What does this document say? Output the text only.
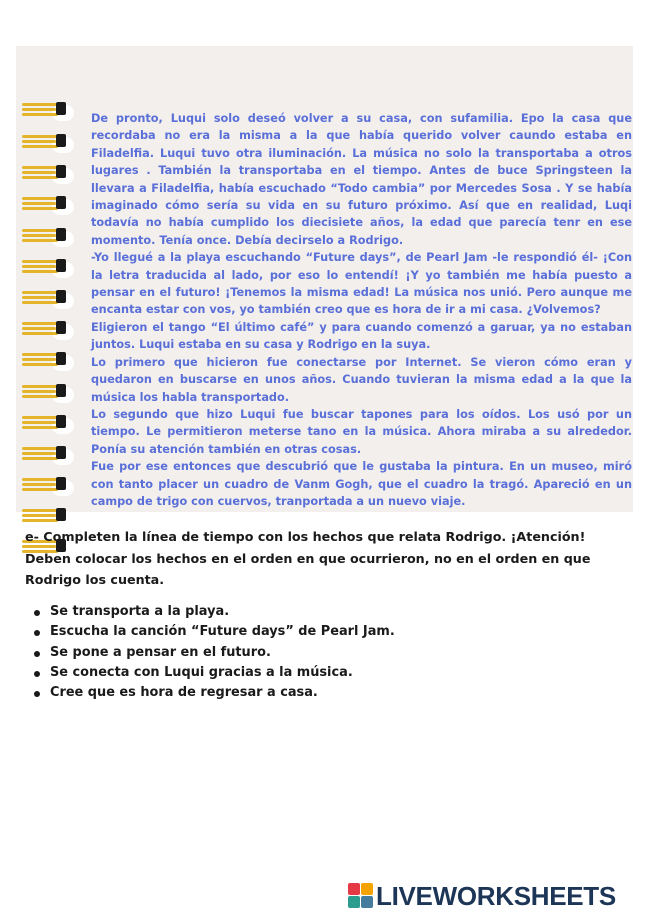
De pronto, Luqui solo deseó volver a su casa, con sufamilia. Epo la casa que recordaba no era la misma a la que había querido volver caundo estaba en Filadelfia. Luqui tuvo otra iluminación. La música no solo la transportaba a otros lugares . También la transportaba en el tiempo. Antes de buce Springsteen la llevara a Filadelfia, había escuchado “Todo cambia” por Mercedes Sosa . Y se había imaginado cómo sería su vida en su futuro próximo. Así que en realidad, Luqi todavía no había cumplido los diecisiete años, la edad que parecía tenr en ese momento. Tenía once. Debía decirselo a Rodrigo.

-Yo llegué a la playa escuchando “Future days”, de Pearl Jam -le respondió él- ¡Con la letra traducida al lado, por eso lo entendí! ¡Y yo también me había puesto a pensar en el futuro! ¡Tenemos la misma edad! La música nos unió. Pero aunque me encanta estar con vos, yo también creo que es hora de ir a mi casa. ¿Volvemos?

Eligieron el tango “El último café” y para cuando comenzó a garuar, ya no estaban juntos. Luqui estaba en su casa y Rodrigo en la suya.

Lo primero que hicieron fue conectarse por Internet. Se vieron cómo eran y quedaron en buscarse en unos años. Cuando tuvieran la misma edad a la que la música los habla transportado.

Lo segundo que hizo Luqui fue buscar tapones para los oídos. Los usó por un tiempo. Le permitieron meterse tano en la música. Ahora miraba a su alrededor. Ponía su atención también en otras cosas.

Fue por ese entonces que descubrió que le gustaba la pintura. En un museo, miró con tanto placer un cuadro de Vanm Gogh, que el cuadro la tragó. Apareció en un campo de trigo con cuervos, tranportada a un nuevo viaje.

e- Completen la línea de tiempo con los hechos que relata Rodrigo. ¡Atención! Deben colocar los hechos en el orden en que ocurrieron, no en el orden en que Rodrigo los cuenta.

Se transporta a la playa.
Escucha la canción “Future days” de Pearl Jam.
Se pone a pensar en el futuro.
Se conecta con Luqui gracias a la música.
Cree que es hora de regresar a casa.
LIVEWORKSHEETS
